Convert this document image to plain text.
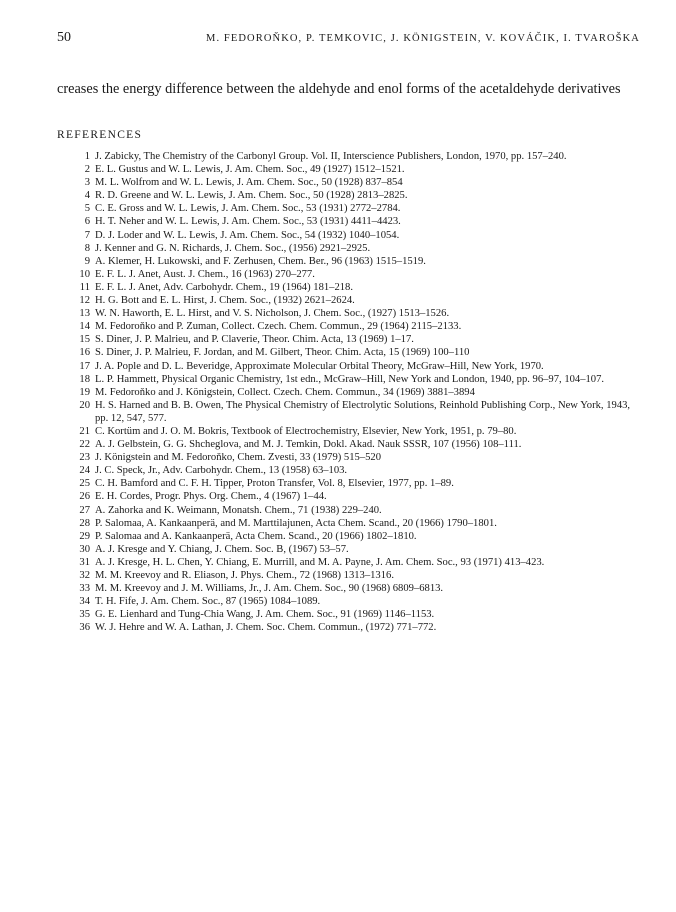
50	M. FEDOROŇKO, P. TEMKOVIC, J. KÖNIGSTEIN, V. KOVÁČIK, I. TVAROŠKA
creases the energy difference between the aldehyde and enol forms of the acetaldehyde derivatives
REFERENCES
1 J. Zabicky, The Chemistry of the Carbonyl Group. Vol. II, Interscience Publishers, London, 1970, pp. 157–240.
2 E. L. Gustus and W. L. Lewis, J. Am. Chem. Soc., 49 (1927) 1512–1521.
3 M. L. Wolfrom and W. L. Lewis, J. Am. Chem. Soc., 50 (1928) 837–854
4 R. D. Greene and W. L. Lewis, J. Am. Chem. Soc., 50 (1928) 2813–2825.
5 C. E. Gross and W. L. Lewis, J. Am. Chem. Soc., 53 (1931) 2772–2784.
6 H. T. Neher and W. L. Lewis, J. Am. Chem. Soc., 53 (1931) 4411–4423.
7 D. J. Loder and W. L. Lewis, J. Am. Chem. Soc., 54 (1932) 1040–1054.
8 J. Kenner and G. N. Richards, J. Chem. Soc., (1956) 2921–2925.
9 A. Klemer, H. Lukowski, and F. Zerhusen, Chem. Ber., 96 (1963) 1515–1519.
10 E. F. L. J. Anet, Aust. J. Chem., 16 (1963) 270–277.
11 E. F. L. J. Anet, Adv. Carbohydr. Chem., 19 (1964) 181–218.
12 H. G. Bott and E. L. Hirst, J. Chem. Soc., (1932) 2621–2624.
13 W. N. Haworth, E. L. Hirst, and V. S. Nicholson, J. Chem. Soc., (1927) 1513–1526.
14 M. Fedoroňko and P. Zuman, Collect. Czech. Chem. Commun., 29 (1964) 2115–2133.
15 S. Diner, J. P. Malrieu, and P. Claverie, Theor. Chim. Acta, 13 (1969) 1–17.
16 S. Diner, J. P. Malrieu, F. Jordan, and M. Gilbert, Theor. Chim. Acta, 15 (1969) 100–110
17 J. A. Pople and D. L. Beveridge, Approximate Molecular Orbital Theory, McGraw–Hill, New York, 1970.
18 L. P. Hammett, Physical Organic Chemistry, 1st edn., McGraw–Hill, New York and London, 1940, pp. 96–97, 104–107.
19 M. Fedoroňko and J. Königstein, Collect. Czech. Chem. Commun., 34 (1969) 3881–3894
20 H. S. Harned and B. B. Owen, The Physical Chemistry of Electrolytic Solutions, Reinhold Publishing Corp., New York, 1943, pp. 12, 547, 577.
21 C. Kortüm and J. O. M. Bokris, Textbook of Electrochemistry, Elsevier, New York, 1951, p. 79–80.
22 A. J. Gelbstein, G. G. Shcheglova, and M. J. Temkin, Dokl. Akad. Nauk SSSR, 107 (1956) 108–111.
23 J. Königstein and M. Fedoroňko, Chem. Zvesti, 33 (1979) 515–520
24 J. C. Speck, Jr., Adv. Carbohydr. Chem., 13 (1958) 63–103.
25 C. H. Bamford and C. F. H. Tipper, Proton Transfer, Vol. 8, Elsevier, 1977, pp. 1–89.
26 E. H. Cordes, Progr. Phys. Org. Chem., 4 (1967) 1–44.
27 A. Zahorka and K. Weimann, Monatsh. Chem., 71 (1938) 229–240.
28 P. Salomaa, A. Kankaanperä, and M. Marttilajunen, Acta Chem. Scand., 20 (1966) 1790–1801.
29 P. Salomaa and A. Kankaanperä, Acta Chem. Scand., 20 (1966) 1802–1810.
30 A. J. Kresge and Y. Chiang, J. Chem. Soc. B, (1967) 53–57.
31 A. J. Kresge, H. L. Chen, Y. Chiang, E. Murrill, and M. A. Payne, J. Am. Chem. Soc., 93 (1971) 413–423.
32 M. M. Kreevoy and R. Eliason, J. Phys. Chem., 72 (1968) 1313–1316.
33 M. M. Kreevoy and J. M. Williams, Jr., J. Am. Chem. Soc., 90 (1968) 6809–6813.
34 T. H. Fife, J. Am. Chem. Soc., 87 (1965) 1084–1089.
35 G. E. Lienhard and Tung-Chia Wang, J. Am. Chem. Soc., 91 (1969) 1146–1153.
36 W. J. Hehre and W. A. Lathan, J. Chem. Soc. Chem. Commun., (1972) 771–772.
